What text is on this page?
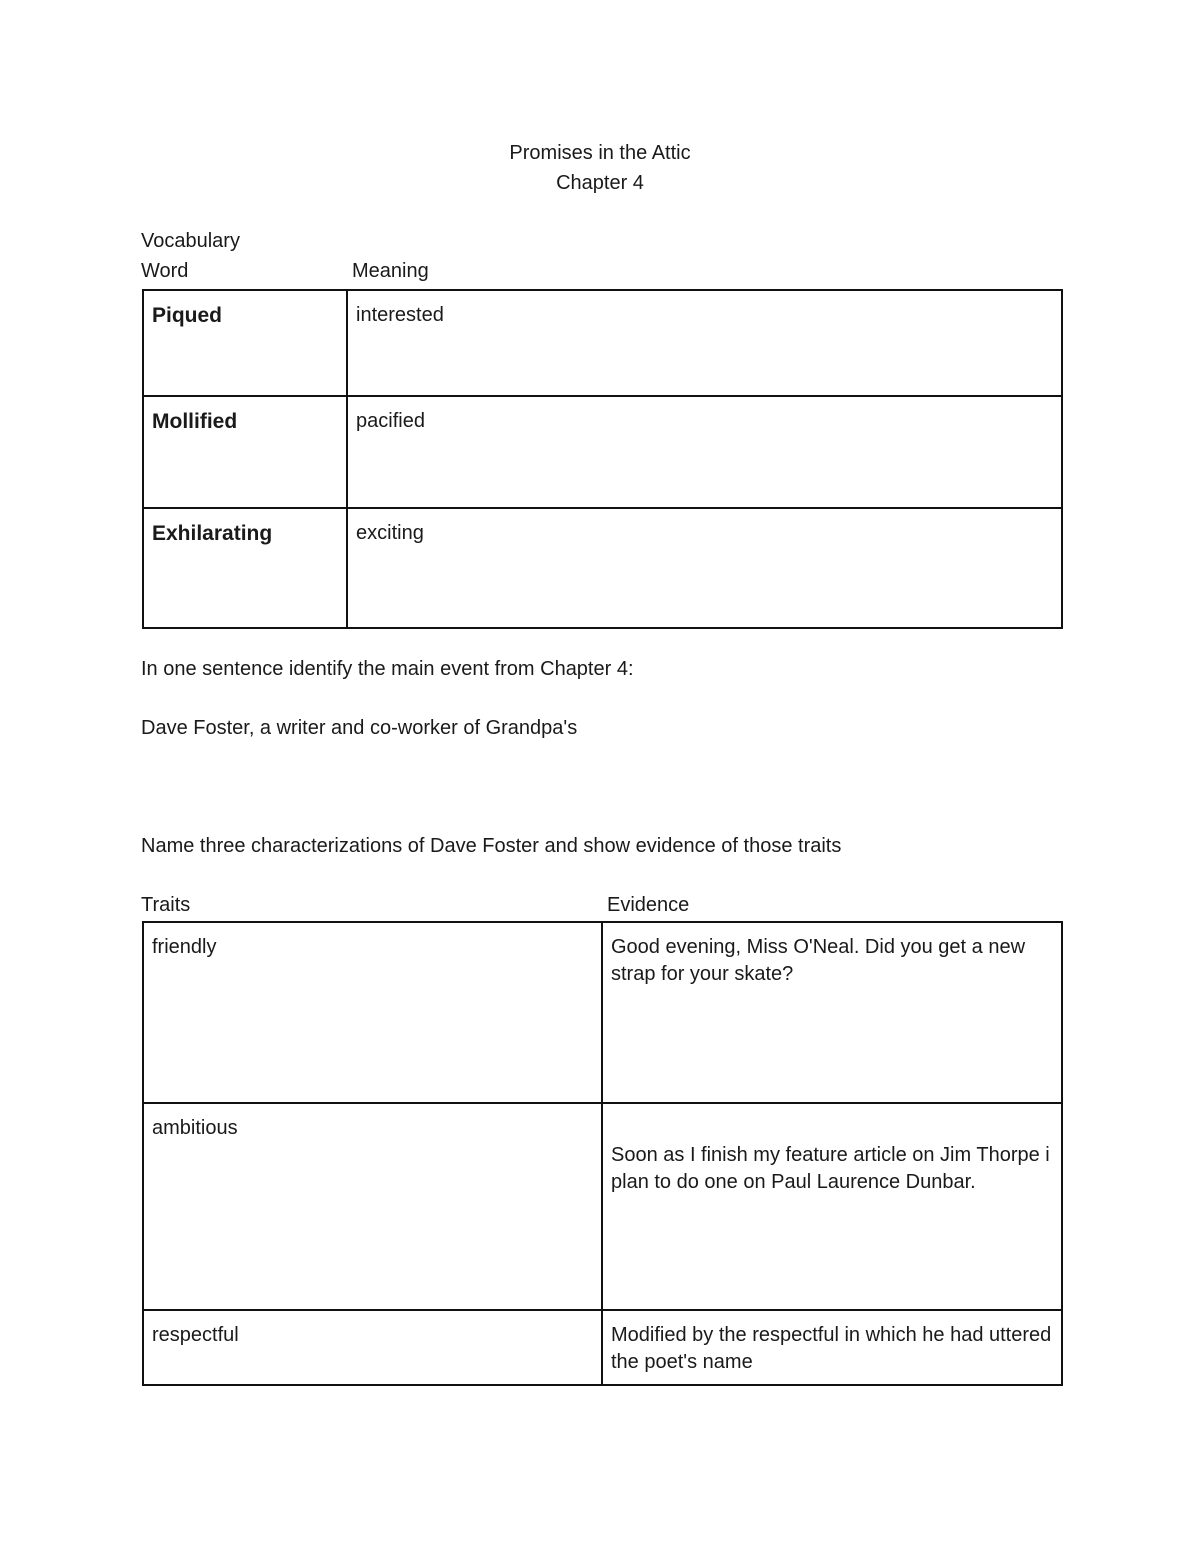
Promises in the Attic

Chapter 4

Vocabulary

Word	Meaning

Piqued	interested

Mollified	pacified

Exhilarating	exciting

In one sentence identify the main event from Chapter 4:

Dave Foster, a writer and co-worker of Grandpa's

Name three characterizations of Dave Foster and show evidence of those traits

Traits	Evidence

friendly	Good evening, Miss O'Neal. Did you get a new strap for your skate?

ambitious	Soon as I finish my feature article on Jim Thorpe i plan to do one on Paul Laurence Dunbar.

respectful	Modified by the respectful in which he had uttered the poet's name
